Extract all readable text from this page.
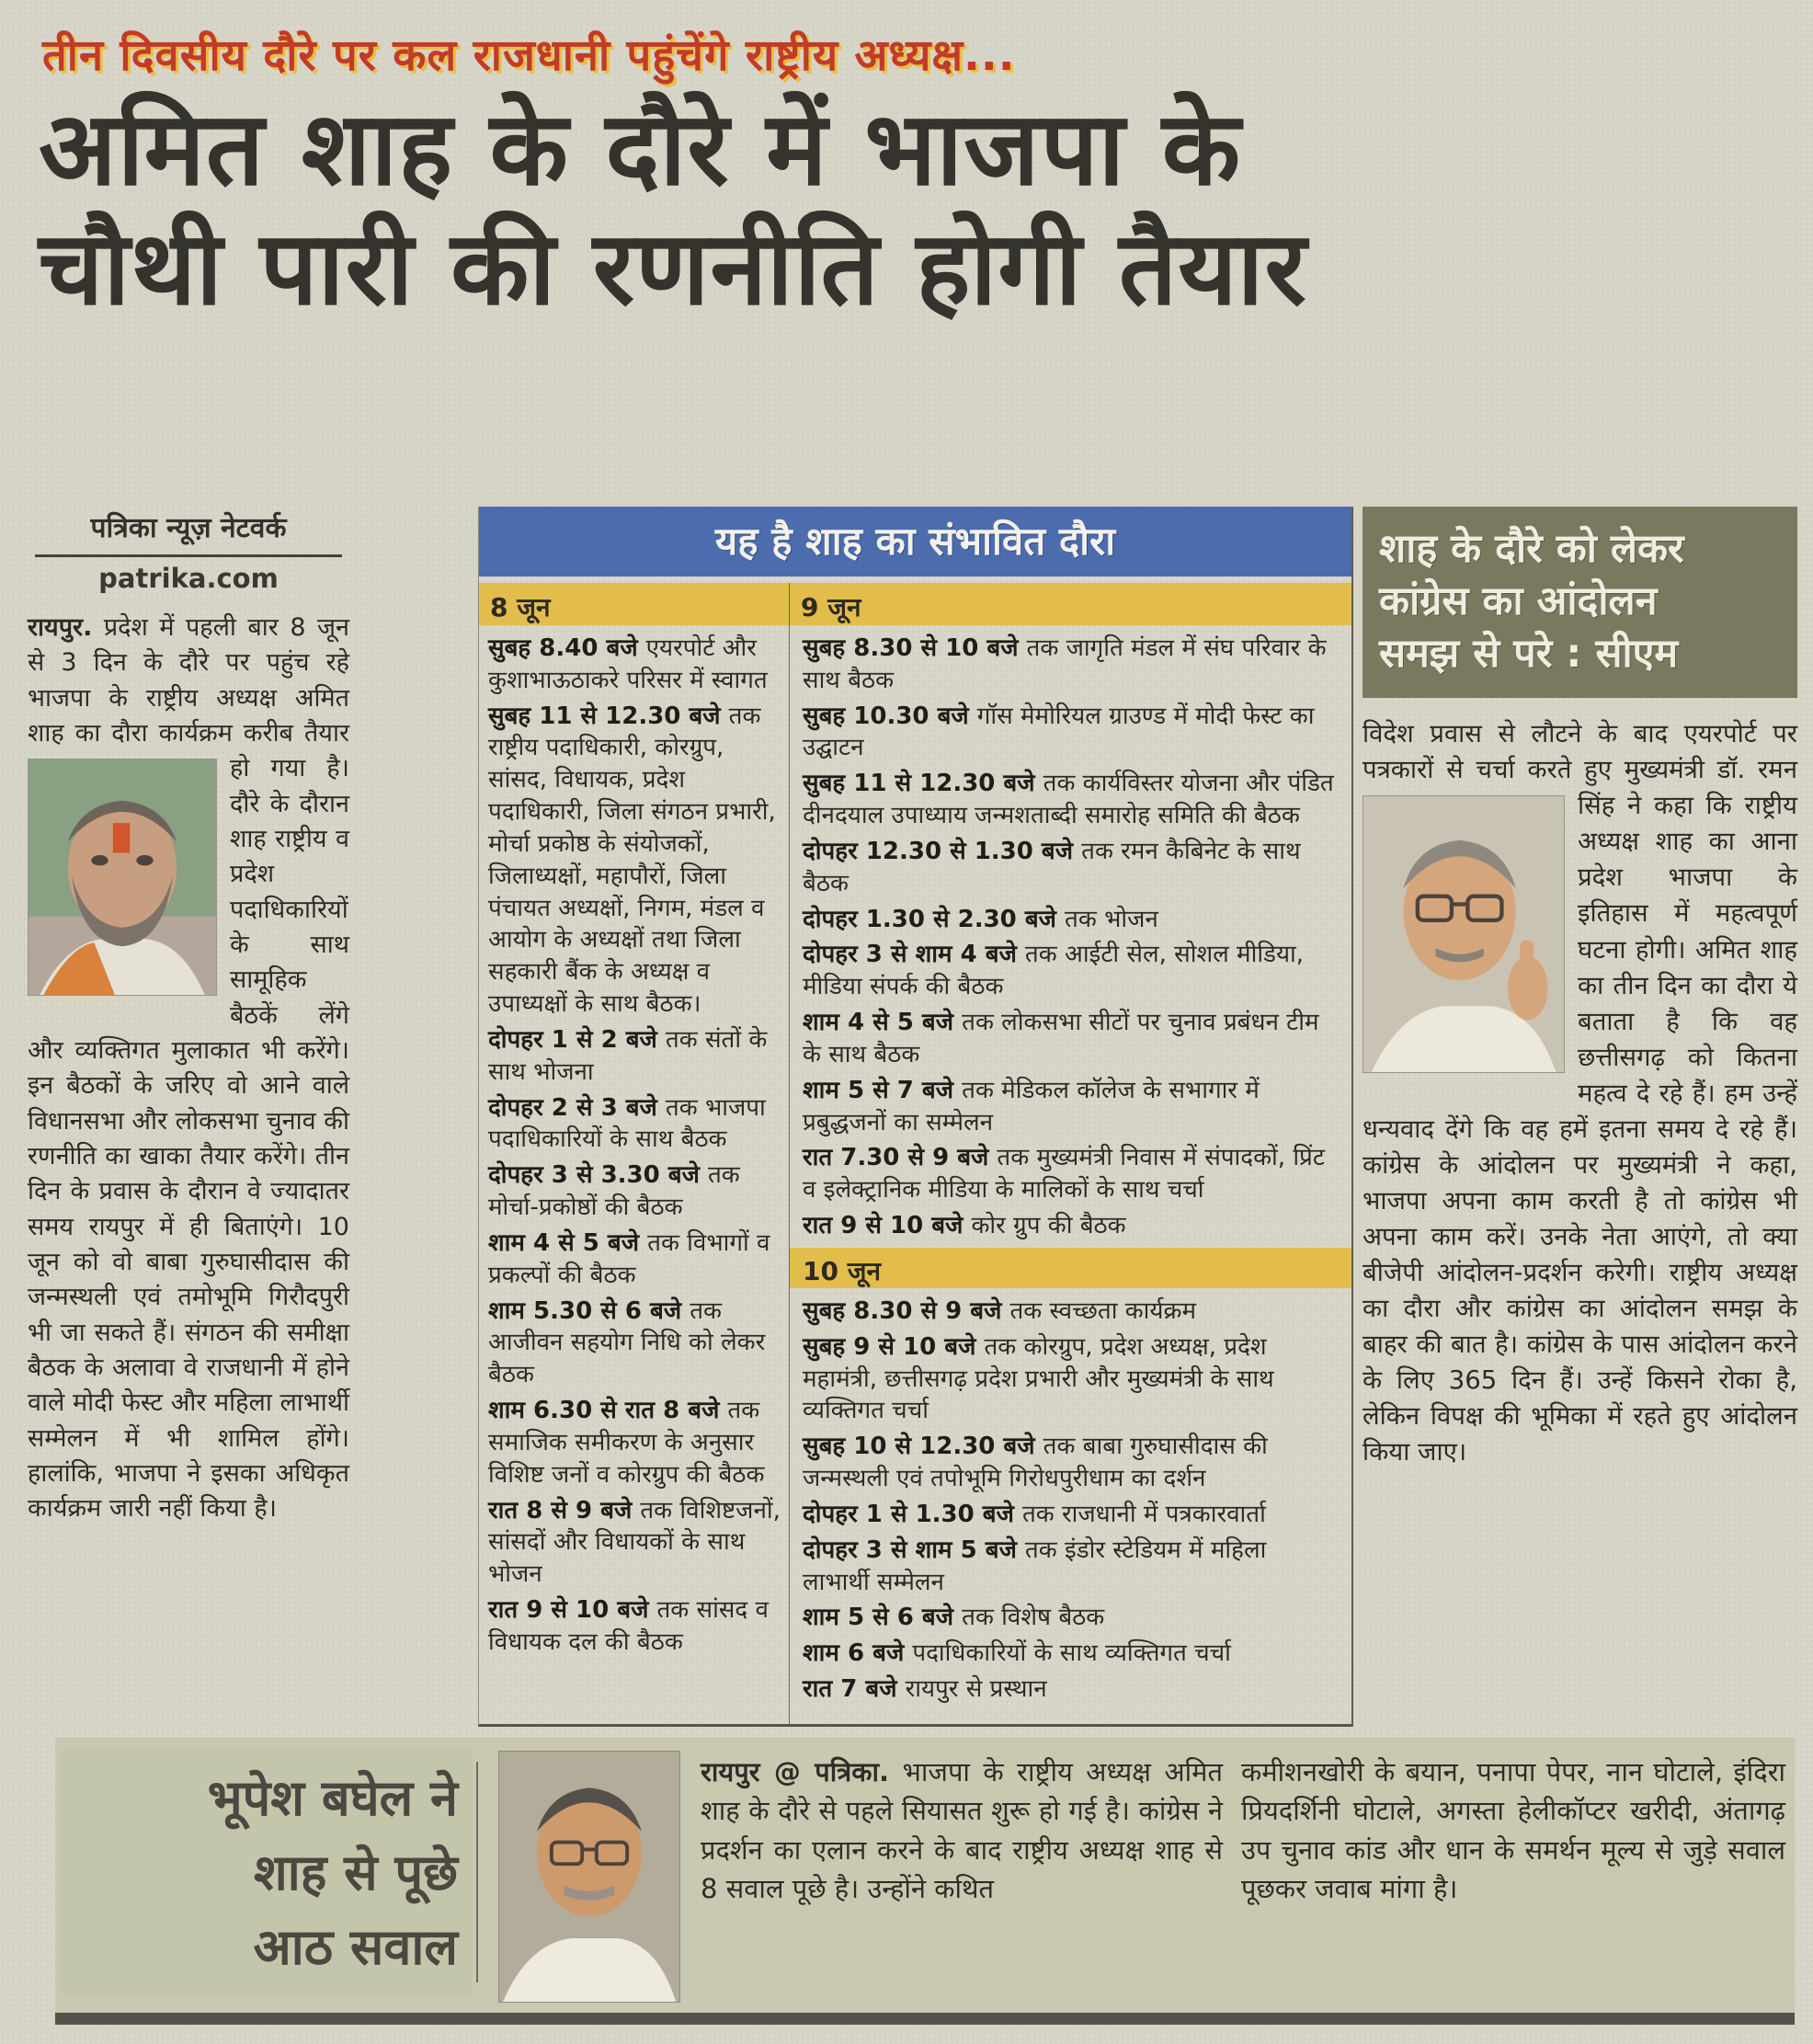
तीन दिवसीय दौरे पर कल राजधानी पहुंचेंगे राष्ट्रीय अध्यक्ष...
अमित शाह के दौरे में भाजपा के
चौथी पारी की रणनीति होगी तैयार
पत्रिका न्यूज़ नेटवर्क
patrika.com
रायपुर. प्रदेश में पहली बार 8 जून से 3 दिन के दौरे पर पहुंच रहे भाजपा के राष्ट्रीय अध्यक्ष अमित शाह का दौरा कार्यक्रम करीब तैयार
हो गया है। दौरे के दौरान शाह राष्ट्रीय व प्रदेश पदाधिकारियों के साथ सामूहिक बैठकें लेंगे और व्यक्तिगत मुलाकात भी करेंगे। इन बैठकों के जरिए वो आने वाले विधानसभा और लोकसभा चुनाव की रणनीति का खाका तैयार करेंगे। तीन दिन के प्रवास के दौरान वे ज्यादातर समय रायपुर में ही बिताएंगे। 10 जून को वो बाबा गुरुघासीदास की जन्मस्थली एवं तमोभूमि गिरौदपुरी भी जा सकते हैं। संगठन की समीक्षा बैठक के अलावा वे राजधानी में होने वाले मोदी फेस्ट और महिला लाभार्थी सम्मेलन में भी शामिल होंगे। हालांकि, भाजपा ने इसका अधिकृत कार्यक्रम जारी नहीं किया है।
यह है शाह का संभावित दौरा
8 जून	9 जून
सुबह 8.40 बजे एयरपोर्ट और कुशाभाऊठाकरे परिसर में स्वागत
सुबह 11 से 12.30 बजे तक राष्ट्रीय पदाधिकारी, कोरग्रुप, सांसद, विधायक, प्रदेश पदाधिकारी, जिला संगठन प्रभारी, मोर्चा प्रकोष्ठ के संयोजकों, जिलाध्यक्षों, महापौरों, जिला पंचायत अध्यक्षों, निगम, मंडल व आयोग के अध्यक्षों तथा जिला सहकारी बैंक के अध्यक्ष व उपाध्यक्षों के साथ बैठक।
दोपहर 1 से 2 बजे तक संतों के साथ भोजना
दोपहर 2 से 3 बजे तक भाजपा पदाधिकारियों के साथ बैठक
दोपहर 3 से 3.30 बजे तक मोर्चा-प्रकोष्ठों की बैठक
शाम 4 से 5 बजे तक विभागों व प्रकल्पों की बैठक
शाम 5.30 से 6 बजे तक आजीवन सहयोग निधि को लेकर बैठक
शाम 6.30 से रात 8 बजे तक समाजिक समीकरण के अनुसार विशिष्ट जनों व कोरग्रुप की बैठक
रात 8 से 9 बजे तक विशिष्टजनों, सांसदों और विधायकों के साथ भोजन
रात 9 से 10 बजे तक सांसद व विधायक दल की बैठक
सुबह 8.30 से 10 बजे तक जागृति मंडल में संघ परिवार के साथ बैठक
सुबह 10.30 बजे गॉस मेमोरियल ग्राउण्ड में मोदी फेस्ट का उद्घाटन
सुबह 11 से 12.30 बजे तक कार्यविस्तर योजना और पंडित दीनदयाल उपाध्याय जन्मशताब्दी समारोह समिति की बैठक
दोपहर 12.30 से 1.30 बजे तक रमन कैबिनेट के साथ बैठक
दोपहर 1.30 से 2.30 बजे तक भोजन
दोपहर 3 से शाम 4 बजे तक आईटी सेल, सोशल मीडिया, मीडिया संपर्क की बैठक
शाम 4 से 5 बजे तक लोकसभा सीटों पर चुनाव प्रबंधन टीम के साथ बैठक
शाम 5 से 7 बजे तक मेडिकल कॉलेज के सभागार में प्रबुद्धजनों का सम्मेलन
रात 7.30 से 9 बजे तक मुख्यमंत्री निवास में संपादकों, प्रिंट व इलेक्ट्रानिक मीडिया के मालिकों के साथ चर्चा
रात 9 से 10 बजे कोर ग्रुप की बैठक
10 जून
सुबह 8.30 से 9 बजे तक स्वच्छता कार्यक्रम
सुबह 9 से 10 बजे तक कोरग्रुप, प्रदेश अध्यक्ष, प्रदेश महामंत्री, छत्तीसगढ़ प्रदेश प्रभारी और मुख्यमंत्री के साथ व्यक्तिगत चर्चा
सुबह 10 से 12.30 बजे तक बाबा गुरुघासीदास की जन्मस्थली एवं तपोभूमि गिरोधपुरीधाम का दर्शन
दोपहर 1 से 1.30 बजे तक राजधानी में पत्रकारवार्ता
दोपहर 3 से शाम 5 बजे तक इंडोर स्टेडियम में महिला लाभार्थी सम्मेलन
शाम 5 से 6 बजे तक विशेष बैठक
शाम 6 बजे पदाधिकारियों के साथ व्यक्तिगत चर्चा
रात 7 बजे रायपुर से प्रस्थान
शाह के दौरे को लेकर
कांग्रेस का आंदोलन
समझ से परे : सीएम
विदेश प्रवास से लौटने के बाद एयरपोर्ट पर पत्रकारों से चर्चा करते हुए मुख्यमंत्री डॉ. रमन सिंह ने कहा कि राष्ट्रीय अध्यक्ष शाह का आना प्रदेश भाजपा के इतिहास में महत्वपूर्ण घटना होगी। अमित शाह का तीन दिन का दौरा ये बताता है कि वह छत्तीसगढ़ को कितना महत्व दे रहे हैं। हम उन्हें धन्यवाद देंगे कि वह हमें इतना समय दे रहे हैं। कांग्रेस के आंदोलन पर मुख्यमंत्री ने कहा, भाजपा अपना काम करती है तो कांग्रेस भी अपना काम करें। उनके नेता आएंगे, तो क्या बीजेपी आंदोलन-प्रदर्शन करेगी। राष्ट्रीय अध्यक्ष का दौरा और कांग्रेस का आंदोलन समझ के बाहर की बात है। कांग्रेस के पास आंदोलन करने के लिए 365 दिन हैं। उन्हें किसने रोका है, लेकिन विपक्ष की भूमिका में रहते हुए आंदोलन किया जाए।
भूपेश बघेल ने
शाह से पूछे
आठ सवाल
रायपुर @ पत्रिका. भाजपा के राष्ट्रीय अध्यक्ष अमित शाह के दौरे से पहले सियासत शुरू हो गई है। कांग्रेस ने प्रदर्शन का एलान करने के बाद राष्ट्रीय अध्यक्ष शाह से 8 सवाल पूछे है। उन्होंने कथित
कमीशनखोरी के बयान, पनापा पेपर, नान घोटाले, इंदिरा प्रियदर्शिनी घोटाले, अगस्ता हेलीकॉप्टर खरीदी, अंतागढ़ उप चुनाव कांड और धान के समर्थन मूल्य से जुड़े सवाल पूछकर जवाब मांगा है।
